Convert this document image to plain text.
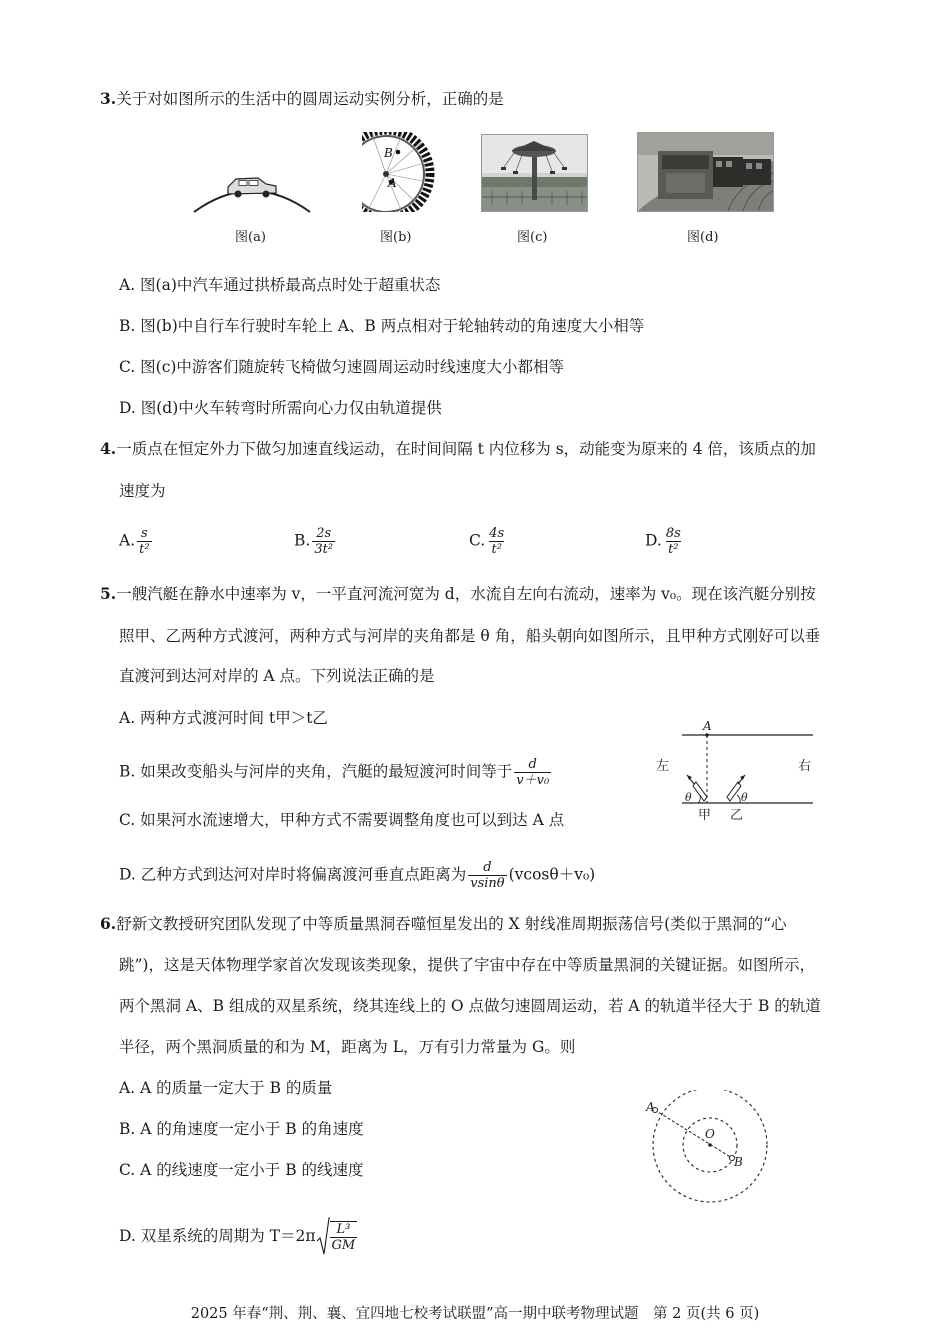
3.关于对如图所示的生活中的圆周运动实例分析，正确的是
图(a)
B
A
图(b)	图(c)	图(d)
A. 图(a)中汽车通过拱桥最高点时处于超重状态
B. 图(b)中自行车行驶时车轮上 A、B 两点相对于轮轴转动的角速度大小相等
C. 图(c)中游客们随旋转飞椅做匀速圆周运动时线速度大小都相等
D. 图(d)中火车转弯时所需向心力仅由轨道提供
4.一质点在恒定外力下做匀加速直线运动，在时间间隔 t 内位移为 s，动能变为原来的 4 倍，该质点的加
速度为
A. $\frac{s}{\text{t²}}$	B. $\frac{2s}{\text{3t²}}$	C. $\frac{4s}{\text{t²}}$	D. $\frac{8s}{\text{t²}}$
5.一艘汽艇在静水中速率为 v，一平直河流河宽为 d，水流自左向右流动，速率为 v₀。现在该汽艇分别按
照甲、乙两种方式渡河，两种方式与河岸的夹角都是 θ 角，船头朝向如图所示，且甲种方式刚好可以垂
直渡河到达河对岸的 A 点。下列说法正确的是
A. 两种方式渡河时间 t甲＞t乙
B. 如果改变船头与河岸的夹角，汽艇的最短渡河时间等于 $\frac{d}{\text{v＋v₀}}$
C. 如果河水流速增大，甲种方式不需要调整角度也可以到达 A 点
D. 乙种方式到达河对岸时将偏离渡河垂直点距离为 $\frac{d}{vsin\theta} (vcos\theta+v_0)$
A
左	右
θ	θ
甲 乙
6.舒新文教授研究团队发现了中等质量黑洞吞噬恒星发出的 X 射线准周期振荡信号(类似于黑洞的“心
跳”)，这是天体物理学家首次发现该类现象，提供了宇宙中存在中等质量黑洞的关键证据。如图所示，
两个黑洞 A、B 组成的双星系统，绕其连线上的 O 点做匀速圆周运动，若 A 的轨道半径大于 B 的轨道
半径，两个黑洞质量的和为 M，距离为 L，万有引力常量为 G。则
A. A 的质量一定大于 B 的质量
B. A 的角速度一定小于 B 的角速度
C. A 的线速度一定小于 B 的线速度
D. 双星系统的周期为 $T=2\pi \frac{\text{L³}}{GM}$
A
O
B
2025 年春“荆、荆、襄、宜四地七校考试联盟”高一期中联考物理试题　第 2 页(共 6 页)
